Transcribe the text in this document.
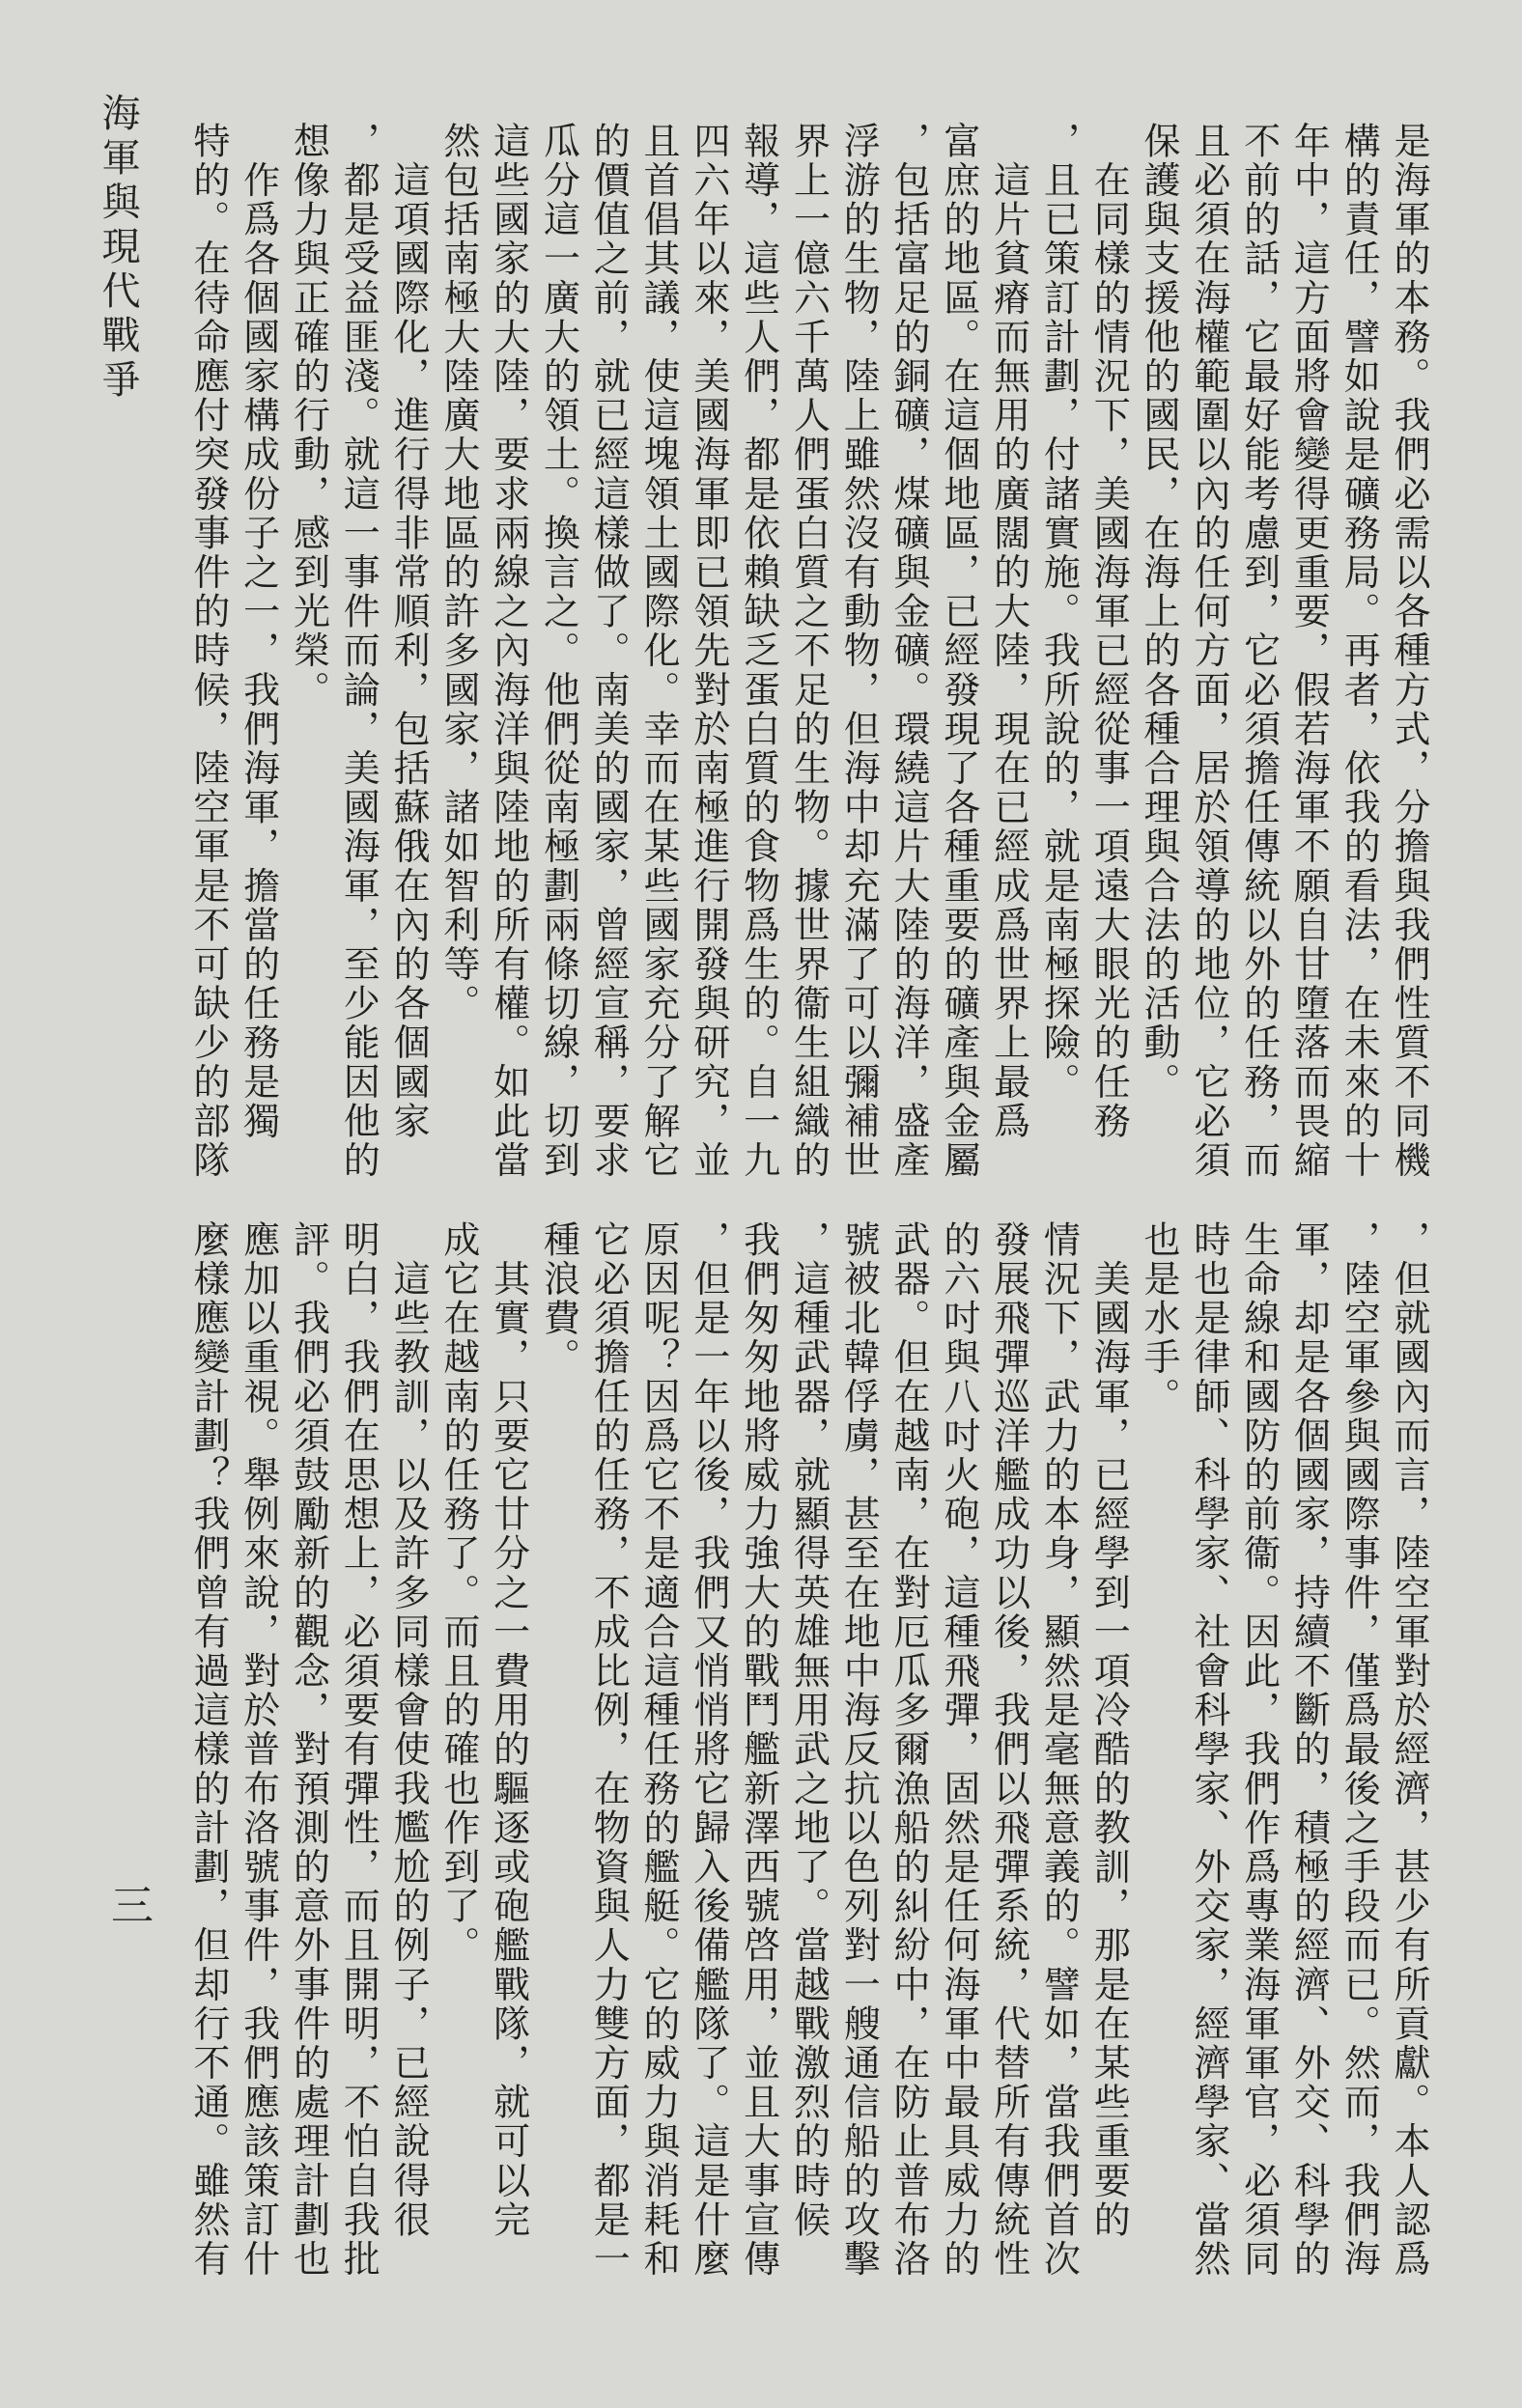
海軍與現代戰爭	是海軍的本務。我們必需以各種方式，分擔與我們性質不同機
構的責任，譬如說是礦務局。再者，依我的看法，在未來的十
年中，這方面將會變得更重要，假若海軍不願自甘墮落而畏縮
不前的話，它最好能考慮到，它必須擔任傳統以外的任務，而
且必須在海權範圍以內的任何方面，居於領導的地位，它必須
保護與支援他的國民，在海上的各種合理與合法的活動。
　在同樣的情況下，美國海軍已經從事一項遠大眼光的任務
，且已策訂計劃，付諸實施。我所說的，就是南極探險。
　這片貧瘠而無用的廣闊的大陸，現在已經成爲世界上最爲
富庶的地區。在這個地區，已經發現了各種重要的礦產與金屬
，包括富足的銅礦，煤礦與金礦。環繞這片大陸的海洋，盛產
浮游的生物，陸上雖然沒有動物，但海中却充滿了可以彌補世
界上一億六千萬人們蛋白質之不足的生物。據世界衞生組織的
報導，這些人們，都是依賴缺乏蛋白質的食物爲生的。自一九
四六年以來，美國海軍即已領先對於南極進行開發與研究，並
且首倡其議，使這塊領土國際化。幸而在某些國家充分了解它
的價值之前，就已經這樣做了。南美的國家，曾經宣稱，要求
瓜分這一廣大的領土。換言之。他們從南極劃兩條切線，切到
這些國家的大陸，要求兩線之內海洋與陸地的所有權。如此當
然包括南極大陸廣大地區的許多國家，諸如智利等。
　這項國際化，進行得非常順利，包括蘇俄在內的各個國家
，都是受益匪淺。就這一事件而論，美國海軍，至少能因他的
想像力與正確的行動，感到光榮。
　作爲各個國家構成份子之一，我們海軍，擔當的任務是獨
特的。在待命應付突發事件的時候，陸空軍是不可缺少的部隊
，但就國內而言，陸空軍對於經濟，甚少有所貢獻。本人認爲
，陸空軍參與國際事件，僅爲最後之手段而已。然而，我們海
軍，却是各個國家，持續不斷的，積極的經濟、外交、科學的
生命線和國防的前衞。因此，我們作爲專業海軍軍官，必須同
時也是律師、科學家、社會科學家、外交家，經濟學家、當然
也是水手。
　美國海軍，已經學到一項冷酷的教訓，那是在某些重要的
情況下，武力的本身，顯然是毫無意義的。譬如，當我們首次
發展飛彈巡洋艦成功以後，我們以飛彈系統，代替所有傳統性
的六吋與八吋火砲，這種飛彈，固然是任何海軍中最具威力的
武器。但在越南，在對厄瓜多爾漁船的糾紛中，在防止普布洛
號被北韓俘虜，甚至在地中海反抗以色列對一艘通信船的攻擊
，這種武器，就顯得英雄無用武之地了。當越戰激烈的時候
我們匆匆地將威力強大的戰鬥艦新澤西號啓用，並且大事宣傳
，但是一年以後，我們又悄悄將它歸入後備艦隊了。這是什麼
原因呢？因爲它不是適合這種任務的艦艇。它的威力與消耗和
它必須擔任的任務，不成比例，在物資與人力雙方面，都是一
種浪費。
　其實，只要它廿分之一費用的驅逐或砲艦戰隊，就可以完
成它在越南的任務了。而且的確也作到了。
　這些教訓，以及許多同樣會使我尷尬的例子，已經說得很
明白，我們在思想上，必須要有彈性，而且開明，不怕自我批
評。我們必須鼓勵新的觀念，對預測的意外事件的處理計劃也
應加以重視。舉例來說，對於普布洛號事件，我們應該策訂什
麼樣應變計劃？我們曾有過這樣的計劃，但却行不通。雖然有
三
